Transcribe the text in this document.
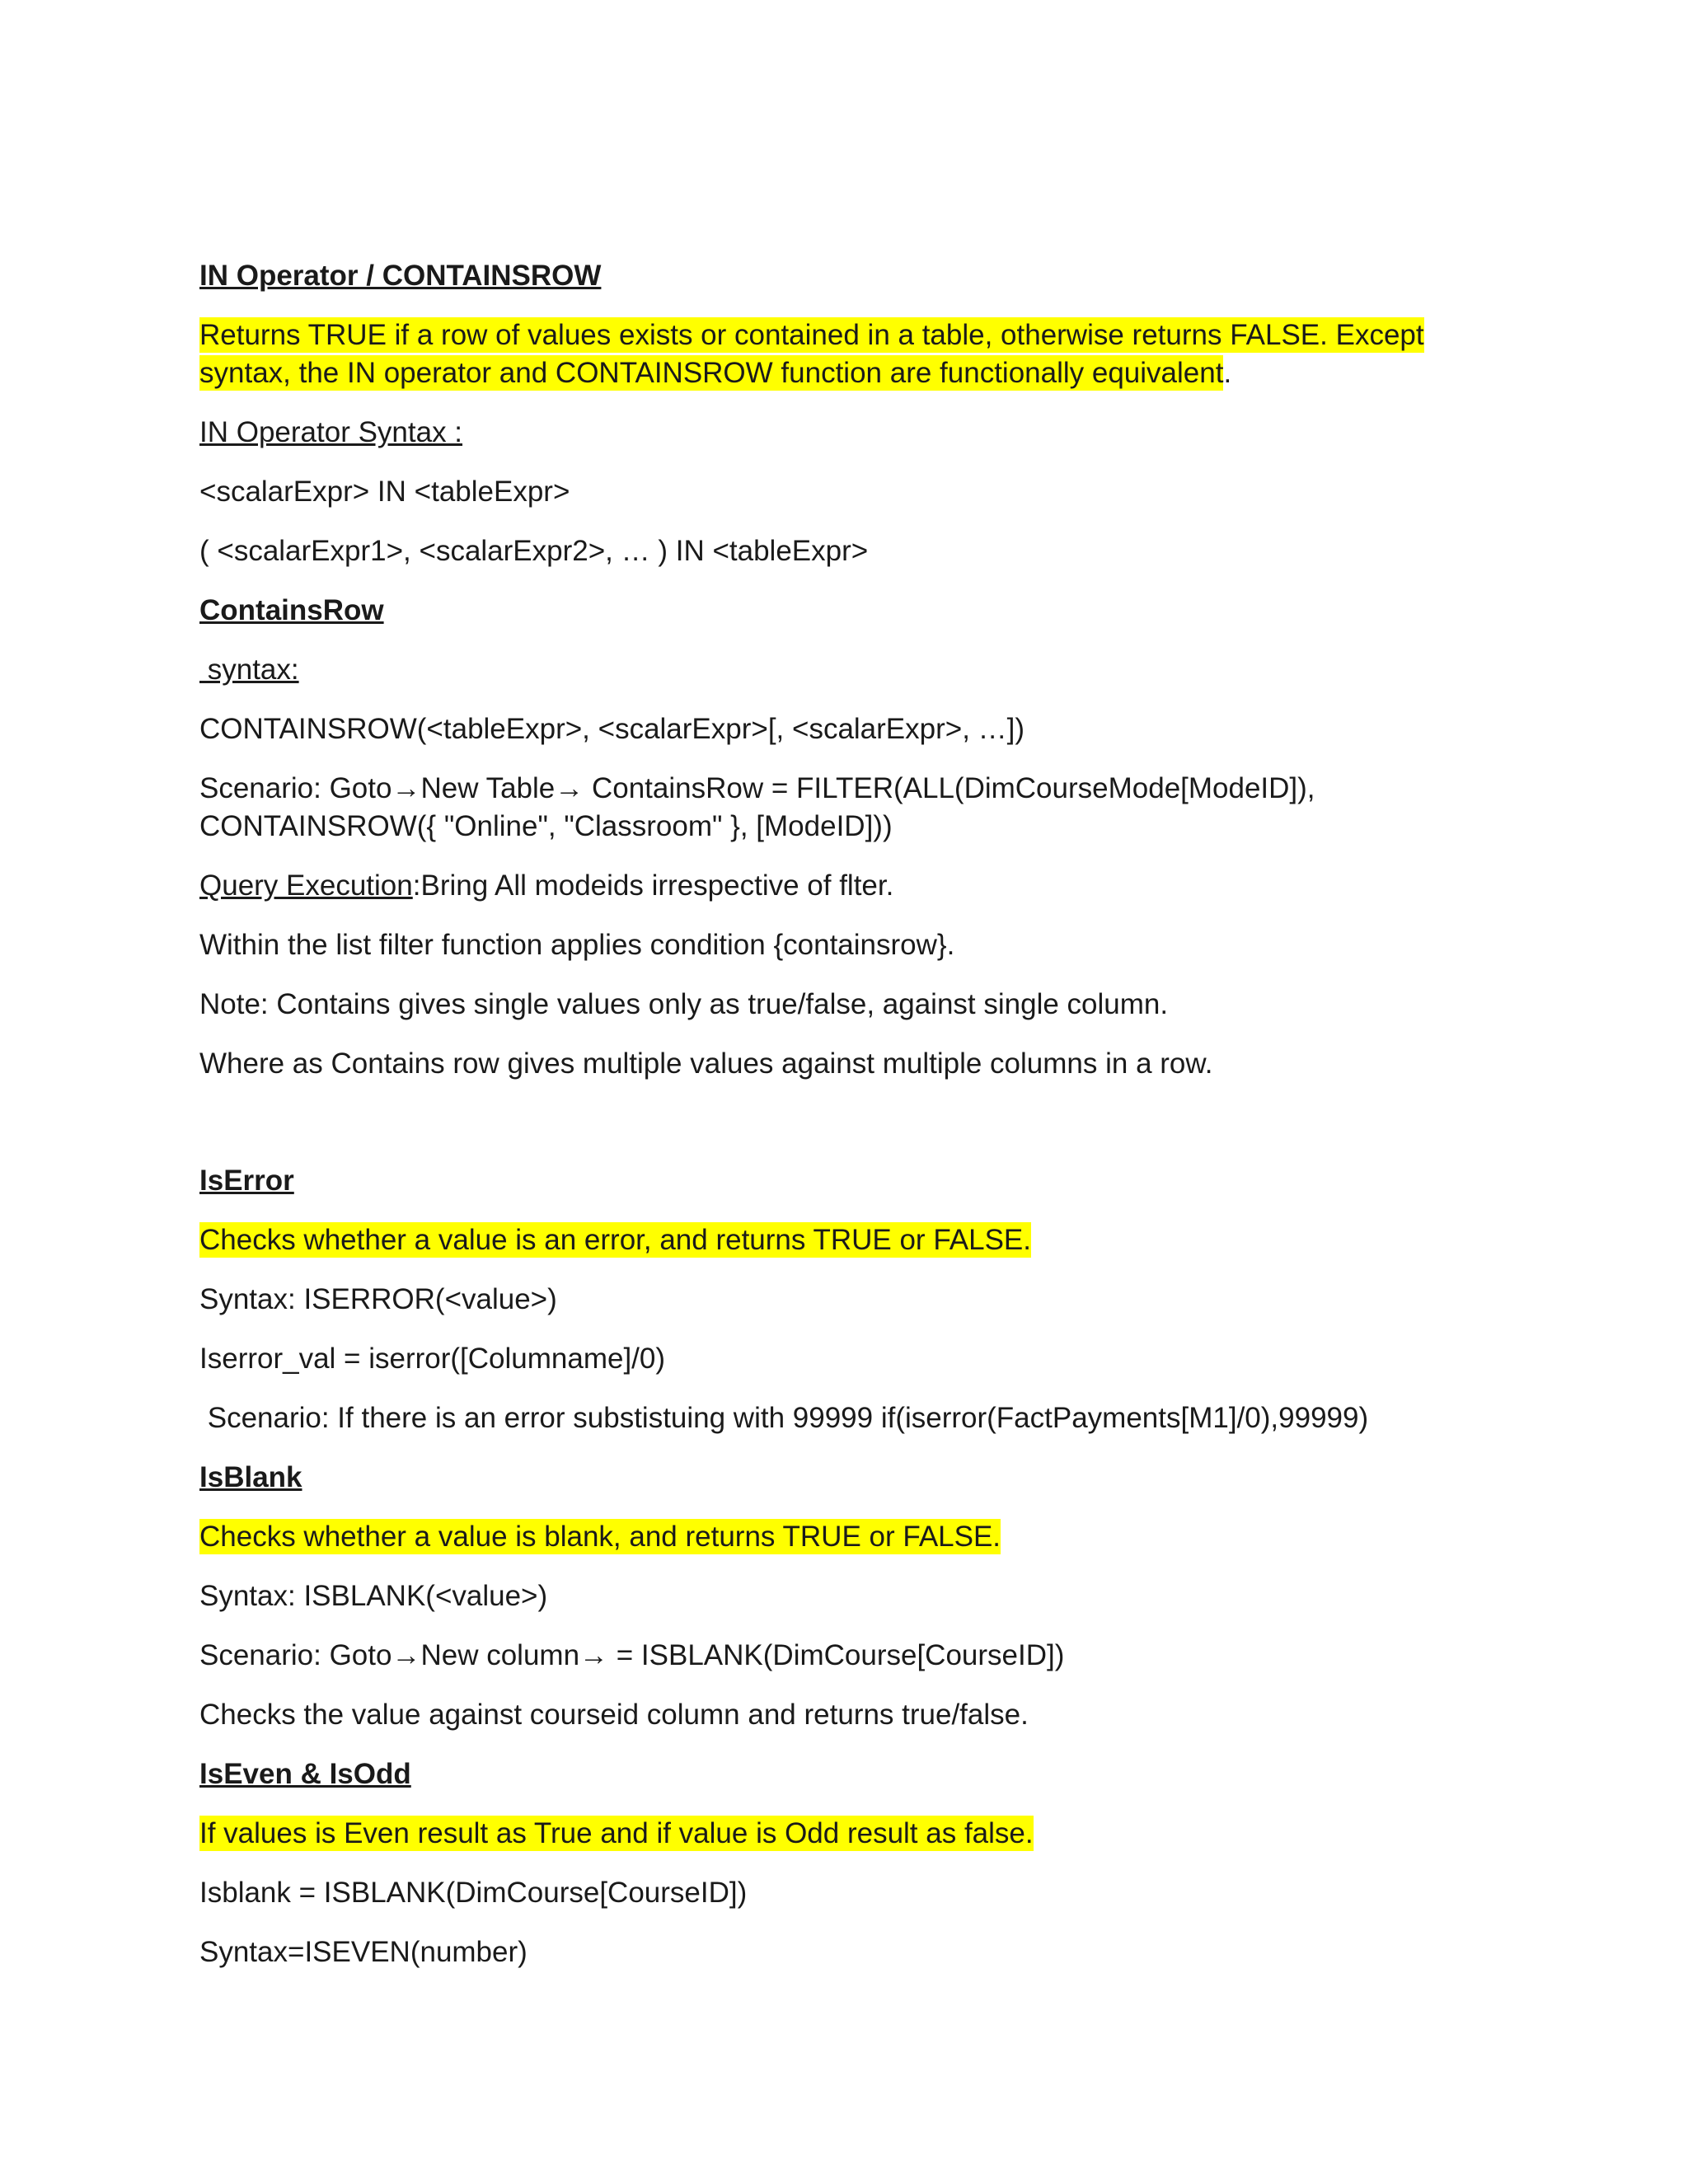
IN Operator / CONTAINSROW

Returns TRUE if a row of values exists or contained in a table, otherwise returns FALSE. Except syntax, the IN operator and CONTAINSROW function are functionally equivalent.

IN Operator Syntax :

<scalarExpr> IN <tableExpr>

( <scalarExpr1>, <scalarExpr2>, … ) IN <tableExpr>

ContainsRow

syntax:

CONTAINSROW(<tableExpr>, <scalarExpr>[, <scalarExpr>, …])

Scenario: Goto→New Table→ ContainsRow = FILTER(ALL(DimCourseMode[ModeID]), CONTAINSROW({ "Online", "Classroom" }, [ModeID]))

Query Execution:Bring All modeids irrespective of flter.

Within the list filter function applies condition {containsrow}.

Note: Contains gives single values only as true/false, against single column.

Where as Contains row gives multiple values against multiple columns in a row.

IsError

Checks whether a value is an error, and returns TRUE or FALSE.

Syntax: ISERROR(<value>)

Iserror_val = iserror([Columname]/0)

Scenario: If there is an error substistuing with 99999 if(iserror(FactPayments[M1]/0),99999)

IsBlank

Checks whether a value is blank, and returns TRUE or FALSE.

Syntax: ISBLANK(<value>)

Scenario: Goto→New column→ = ISBLANK(DimCourse[CourseID])

Checks the value against courseid column and returns true/false.

IsEven & IsOdd

If values is Even result as True and if value is Odd result as false.

Isblank = ISBLANK(DimCourse[CourseID])

Syntax=ISEVEN(number)
